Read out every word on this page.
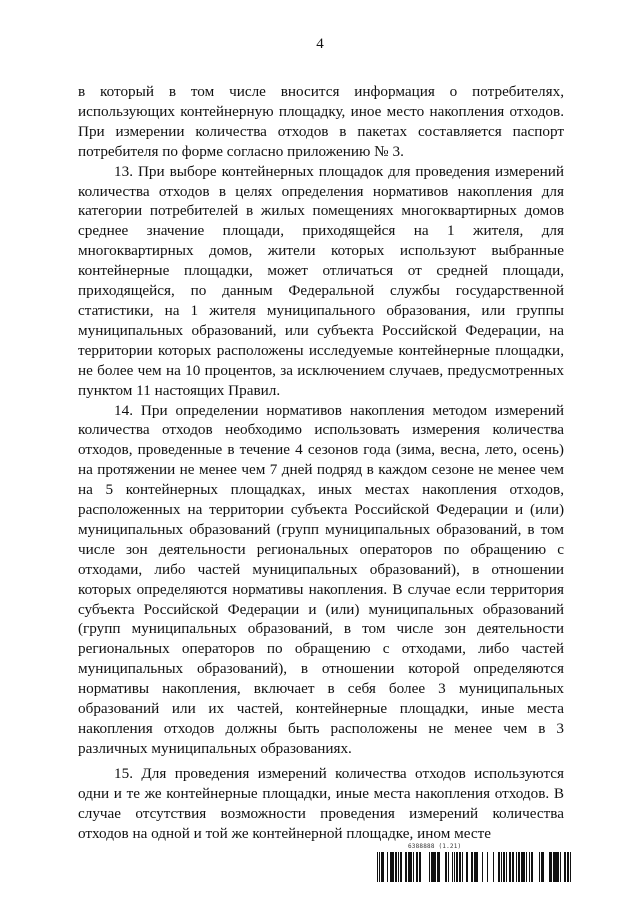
4

в который в том числе вносится информация о потребителях, использующих контейнерную площадку, иное место накопления отходов. При измерении количества отходов в пакетах составляется паспорт потребителя по форме согласно приложению № 3.

13. При выборе контейнерных площадок для проведения измерений количества отходов в целях определения нормативов накопления для категории потребителей в жилых помещениях многоквартирных домов среднее значение площади, приходящейся на 1 жителя, для многоквартирных домов, жители которых используют выбранные контейнерные площадки, может отличаться от средней площади, приходящейся, по данным Федеральной службы государственной статистики, на 1 жителя муниципального образования, или группы муниципальных образований, или субъекта Российской Федерации, на территории которых расположены исследуемые контейнерные площадки, не более чем на 10 процентов, за исключением случаев, предусмотренных пунктом 11 настоящих Правил.

14. При определении нормативов накопления методом измерений количества отходов необходимо использовать измерения количества отходов, проведенные в течение 4 сезонов года (зима, весна, лето, осень) на протяжении не менее чем 7 дней подряд в каждом сезоне не менее чем на 5 контейнерных площадках, иных местах накопления отходов, расположенных на территории субъекта Российской Федерации и (или) муниципальных образований (групп муниципальных образований, в том числе зон деятельности региональных операторов по обращению с отходами, либо частей муниципальных образований), в отношении которых определяются нормативы накопления. В случае если территория субъекта Российской Федерации и (или) муниципальных образований (групп муниципальных образований, в том числе зон деятельности региональных операторов по обращению с отходами, либо частей муниципальных образований), в отношении которой определяются нормативы накопления, включает в себя более 3 муниципальных образований или их частей, контейнерные площадки, иные места накопления отходов должны быть расположены не менее чем в 3 различных муниципальных образованиях.

15. Для проведения измерений количества отходов используются одни и те же контейнерные площадки, иные места накопления отходов. В случае отсутствия возможности проведения измерений количества отходов на одной и той же контейнерной площадке, ином месте

6388888 (1.21)
